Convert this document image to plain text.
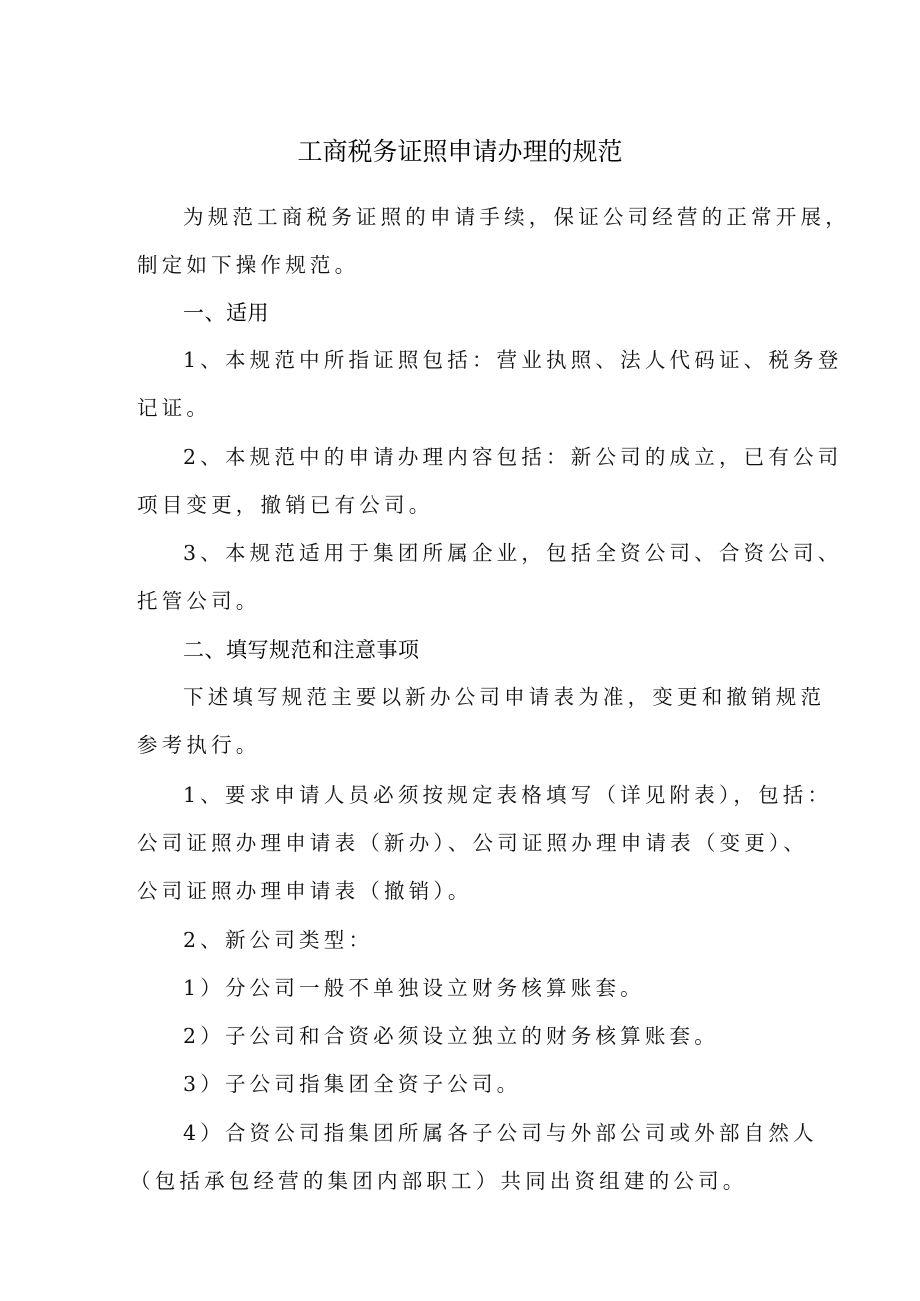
工商税务证照申请办理的规范
为规范工商税务证照的申请手续，保证公司经营的正常开展，
制定如下操作规范。
一、适用
1、本规范中所指证照包括：营业执照、法人代码证、税务登
记证。
2、本规范中的申请办理内容包括：新公司的成立，已有公司
项目变更，撤销已有公司。
3、本规范适用于集团所属企业，包括全资公司、合资公司、
托管公司。
二、填写规范和注意事项
下述填写规范主要以新办公司申请表为准，变更和撤销规范
参考执行。
1、要求申请人员必须按规定表格填写（详见附表），包括：
公司证照办理申请表（新办）、公司证照办理申请表（变更）、
公司证照办理申请表（撤销）。
2、新公司类型：
1）分公司一般不单独设立财务核算账套。
2）子公司和合资必须设立独立的财务核算账套。
3）子公司指集团全资子公司。
4）合资公司指集团所属各子公司与外部公司或外部自然人
（包括承包经营的集团内部职工）共同出资组建的公司。
